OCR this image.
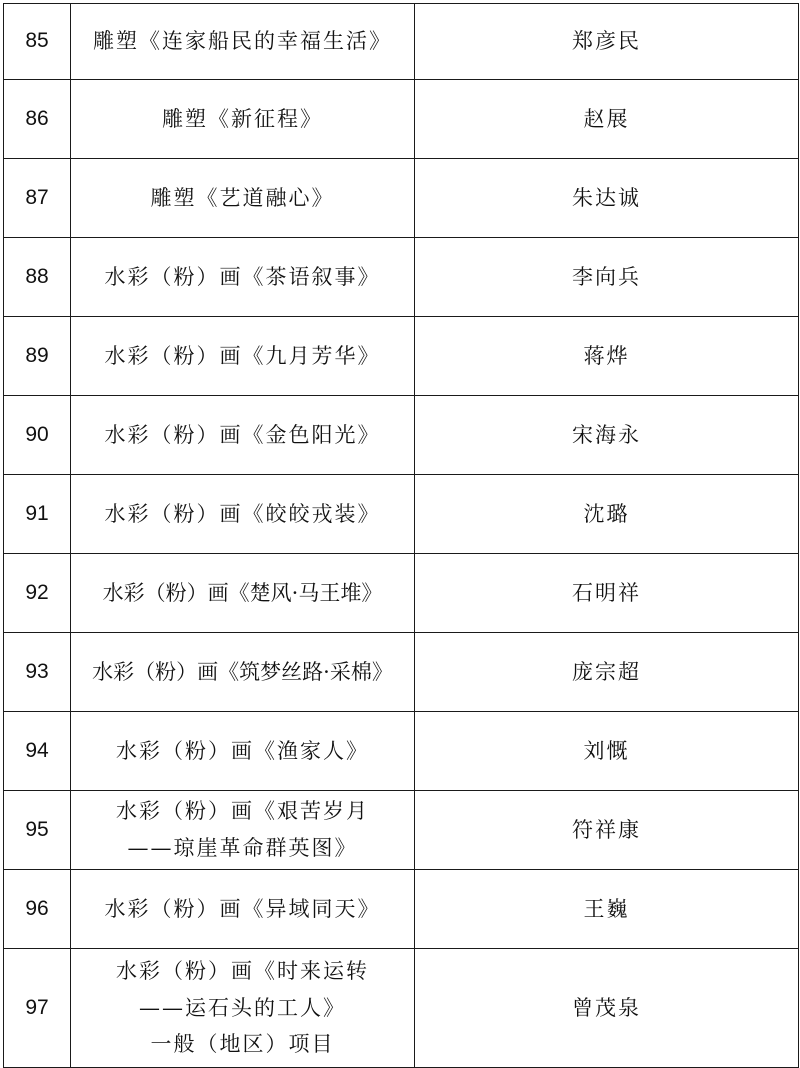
85	雕塑《连家船民的幸福生活》	郑彦民
86	雕塑《新征程》	赵展
87	雕塑《艺道融心》	朱达诚
88	水彩（粉）画《茶语叙事》	李向兵
89	水彩（粉）画《九月芳华》	蒋烨
90	水彩（粉）画《金色阳光》	宋海永
91	水彩（粉）画《皎皎戎装》	沈璐
92	水彩（粉）画《楚风·马王堆》	石明祥
93	水彩（粉）画《筑梦丝路·采棉》	庞宗超
94	水彩（粉）画《渔家人》	刘慨
95	水彩（粉）画《艰苦岁月
——琼崖革命群英图》	符祥康
96	水彩（粉）画《异域同天》	王巍
97	水彩（粉）画《时来运转
——运石头的工人》
一般（地区）项目	曾茂泉
